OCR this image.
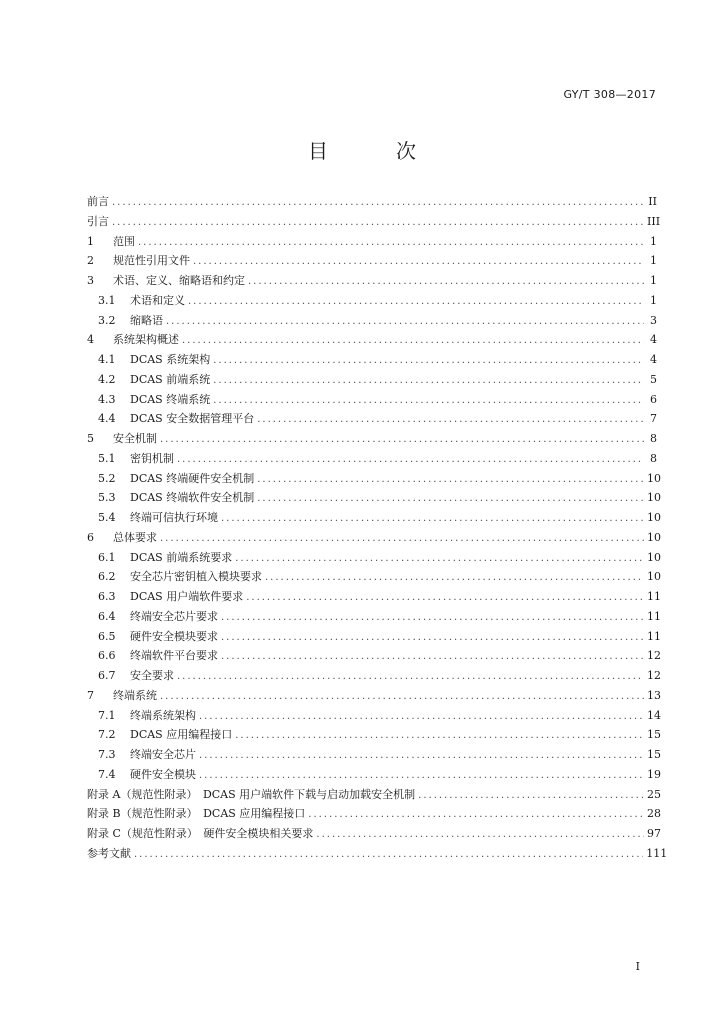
GY/T 308—2017
目　次
前言 .....	II
引言 .....	III
1	范围 .....	1
2	规范性引用文件 .....	1
3	术语、定义、缩略语和约定 .....	1
3.1	术语和定义 .....	1
3.2	缩略语 .....	3
4	系统架构概述 .....	4
4.1	DCAS 系统架构 .....	4
4.2	DCAS 前端系统 .....	5
4.3	DCAS 终端系统 .....	6
4.4	DCAS 安全数据管理平台 .....	7
5	安全机制 .....	8
5.1	密钥机制 .....	8
5.2	DCAS 终端硬件安全机制 .....	10
5.3	DCAS 终端软件安全机制 .....	10
5.4	终端可信执行环境 .....	10
6	总体要求 .....	10
6.1	DCAS 前端系统要求 .....	10
6.2	安全芯片密钥植入模块要求 .....	10
6.3	DCAS 用户端软件要求 .....	11
6.4	终端安全芯片要求 .....	11
6.5	硬件安全模块要求 .....	11
6.6	终端软件平台要求 .....	12
6.7	安全要求 .....	12
7	终端系统 .....	13
7.1	终端系统架构 .....	14
7.2	DCAS 应用编程接口 .....	15
7.3	终端安全芯片 .....	15
7.4	硬件安全模块 .....	19
附录 A（规范性附录）　DCAS 用户端软件下载与启动加载安全机制 .....	25
附录 B（规范性附录）　DCAS 应用编程接口 .....	28
附录 C（规范性附录）　硬件安全模块相关要求 .....	97
参考文献 .....	111
I
